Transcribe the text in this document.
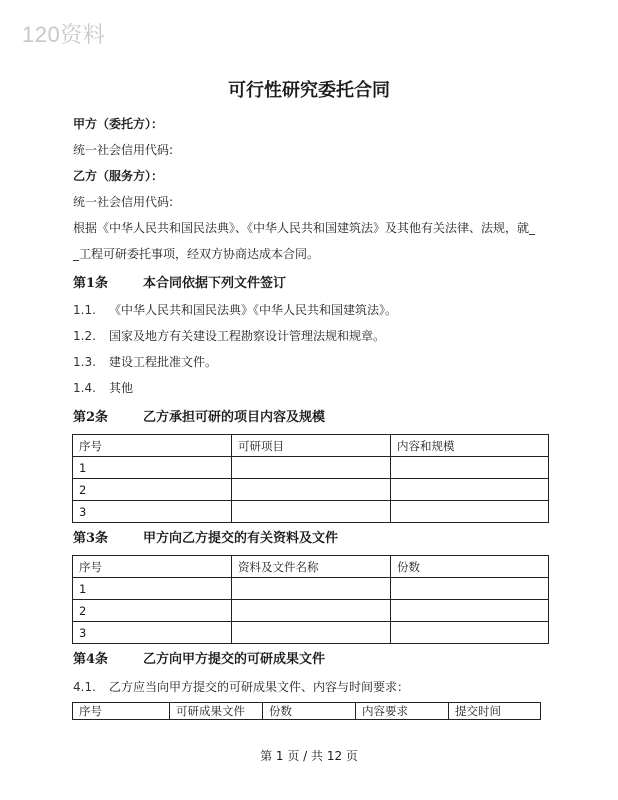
120资料
可行性研究委托合同
甲方（委托方）：
统一社会信用代码:
乙方（服务方）：
统一社会信用代码:
根据《中华人民共和国民法典》、《中华人民共和国建筑法》及其他有关法律、法规，就_
_工程可研委托事项，经双方协商达成本合同。
第1条	本合同依据下列文件签订
1.1. 《中华人民共和国民法典》《中华人民共和国建筑法》。
1.2. 国家及地方有关建设工程勘察设计管理法规和规章。
1.3. 建设工程批准文件。
1.4. 其他
第2条	乙方承担可研的项目内容及规模
序号	可研项目	内容和规模
1		
2		
3		
第3条	甲方向乙方提交的有关资料及文件
序号	资料及文件名称	份数
1		
2		
3		
第4条	乙方向甲方提交的可研成果文件
4.1. 乙方应当向甲方提交的可研成果文件、内容与时间要求：
序号	可研成果文件	份数	内容要求	提交时间
第 1 页 / 共 12 页
